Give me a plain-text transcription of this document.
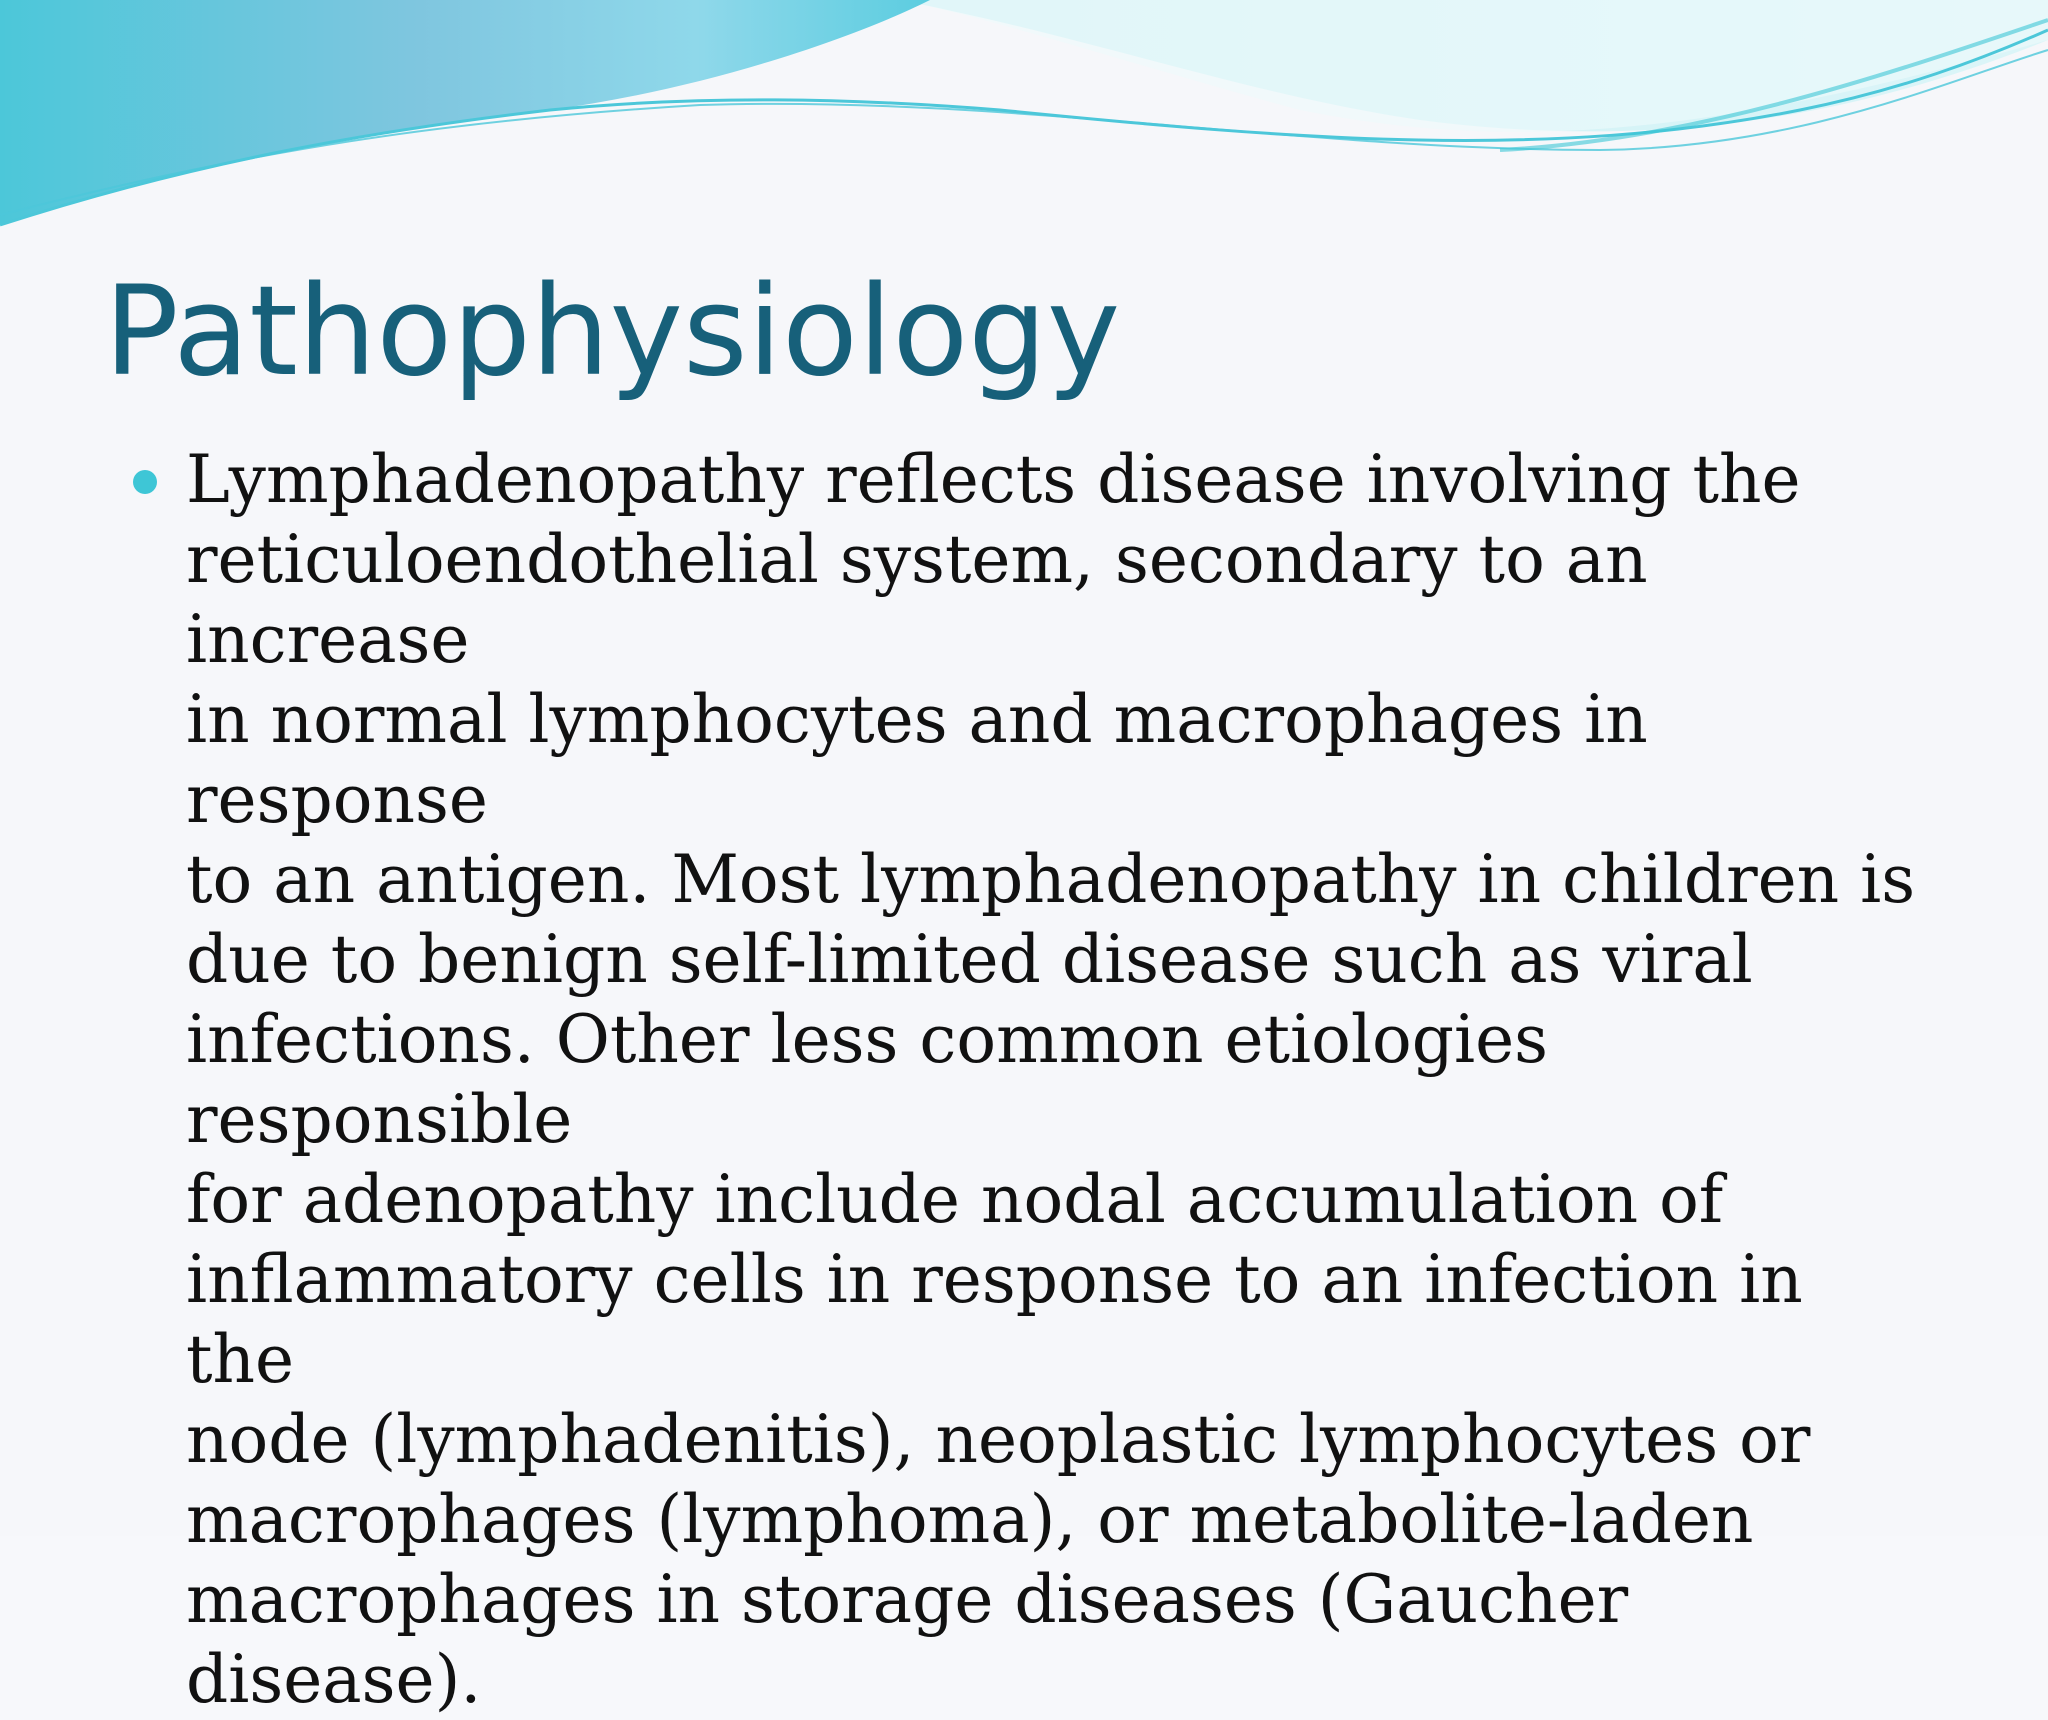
Pathophysiology

Lymphadenopathy reflects disease involving the
reticuloendothelial system, secondary to an increase
in normal lymphocytes and macrophages in response
to an antigen. Most lymphadenopathy in children is
due to benign self-limited disease such as viral
infections. Other less common etiologies responsible
for adenopathy include nodal accumulation of
inflammatory cells in response to an infection in the
node (lymphadenitis), neoplastic lymphocytes or
macrophages (lymphoma), or metabolite-laden
macrophages in storage diseases (Gaucher disease).
